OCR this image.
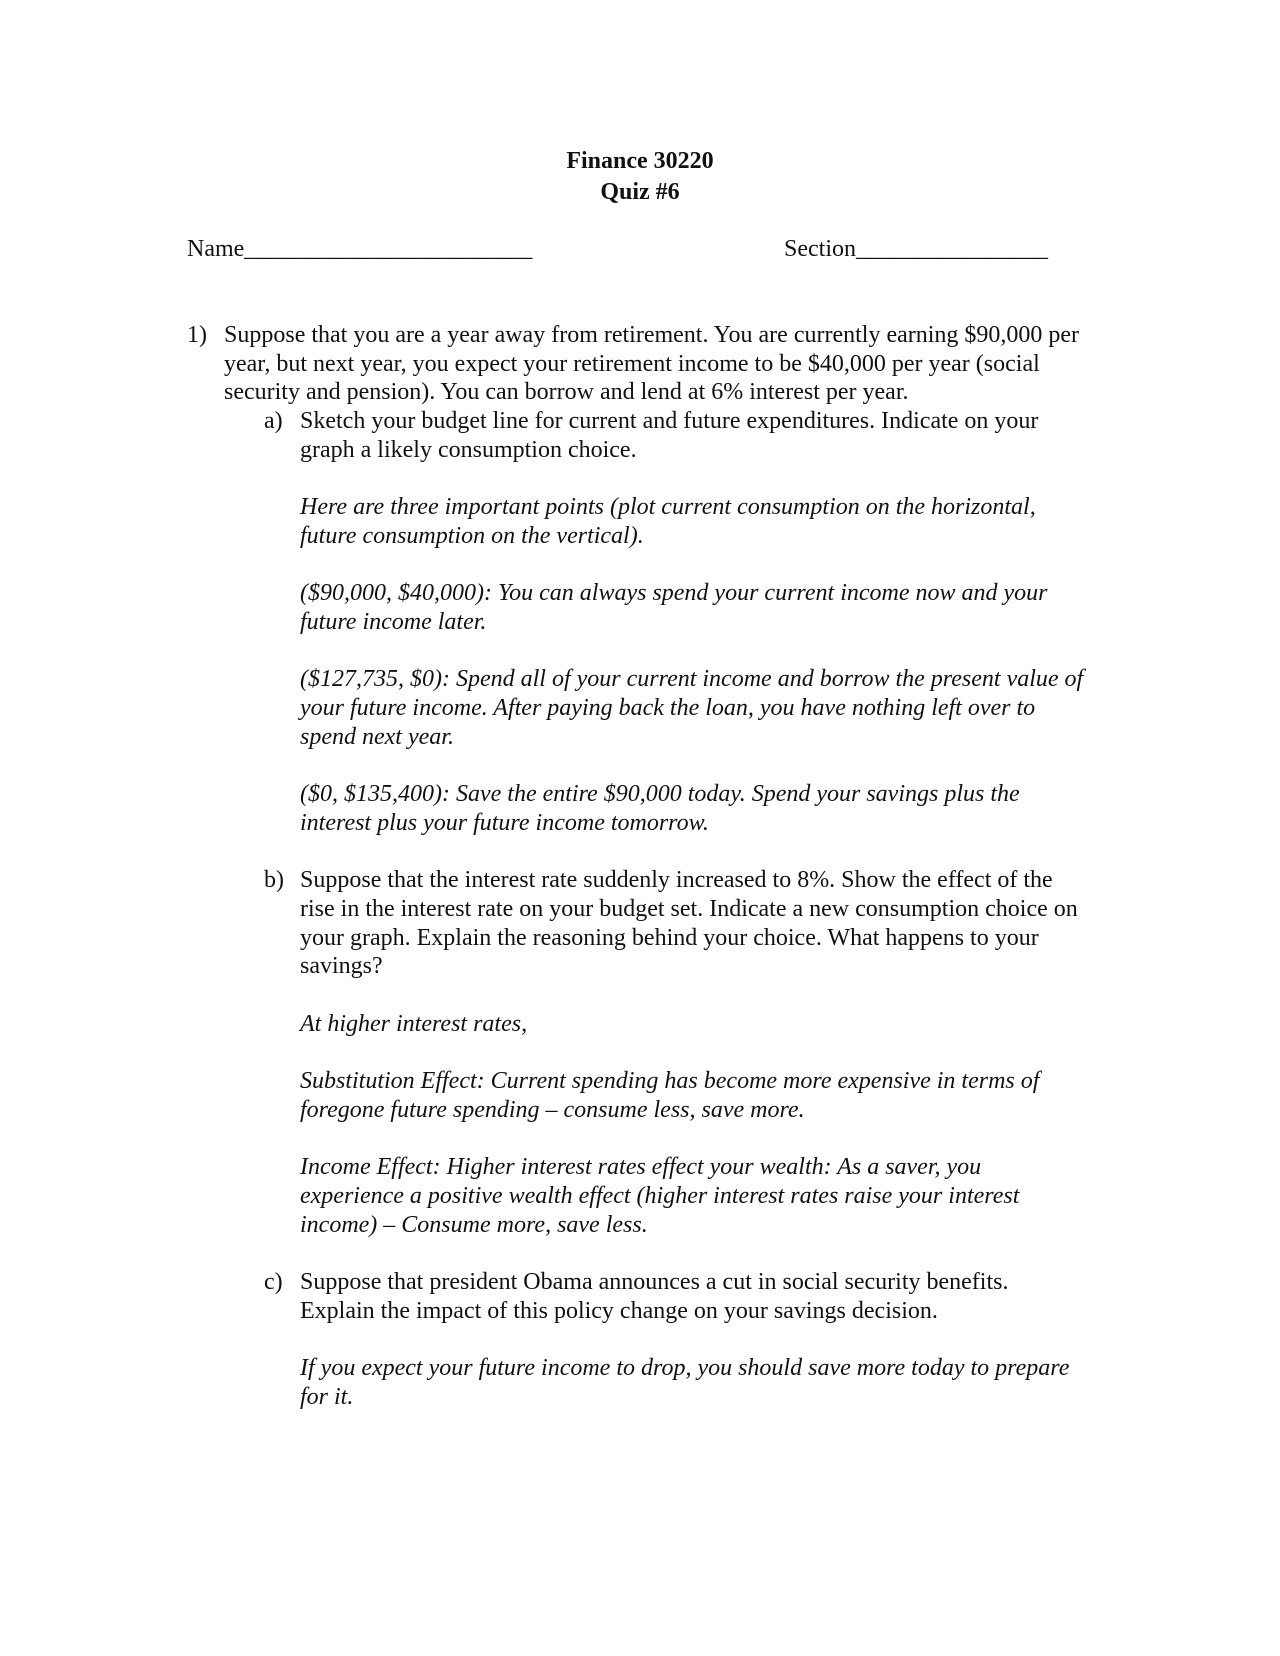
Finance 30220
Quiz #6
Name________________________	Section________________
1) Suppose that you are a year away from retirement. You are currently earning $90,000 per year, but next year, you expect your retirement income to be $40,000 per year (social security and pension). You can borrow and lend at 6% interest per year.
a) Sketch your budget line for current and future expenditures. Indicate on your graph a likely consumption choice.

Here are three important points (plot current consumption on the horizontal, future consumption on the vertical).

($90,000, $40,000): You can always spend your current income now and your future income later.

($127,735, $0): Spend all of your current income and borrow the present value of your future income. After paying back the loan, you have nothing left over to spend next year.

($0, $135,400): Save the entire $90,000 today. Spend your savings plus the interest plus your future income tomorrow.

b) Suppose that the interest rate suddenly increased to 8%. Show the effect of the rise in the interest rate on your budget set. Indicate a new consumption choice on your graph. Explain the reasoning behind your choice. What happens to your savings?

At higher interest rates,

Substitution Effect: Current spending has become more expensive in terms of foregone future spending – consume less, save more.

Income Effect: Higher interest rates effect your wealth: As a saver, you experience a positive wealth effect (higher interest rates raise your interest income) – Consume more, save less.

c) Suppose that president Obama announces a cut in social security benefits. Explain the impact of this policy change on your savings decision.

If you expect your future income to drop, you should save more today to prepare for it.
